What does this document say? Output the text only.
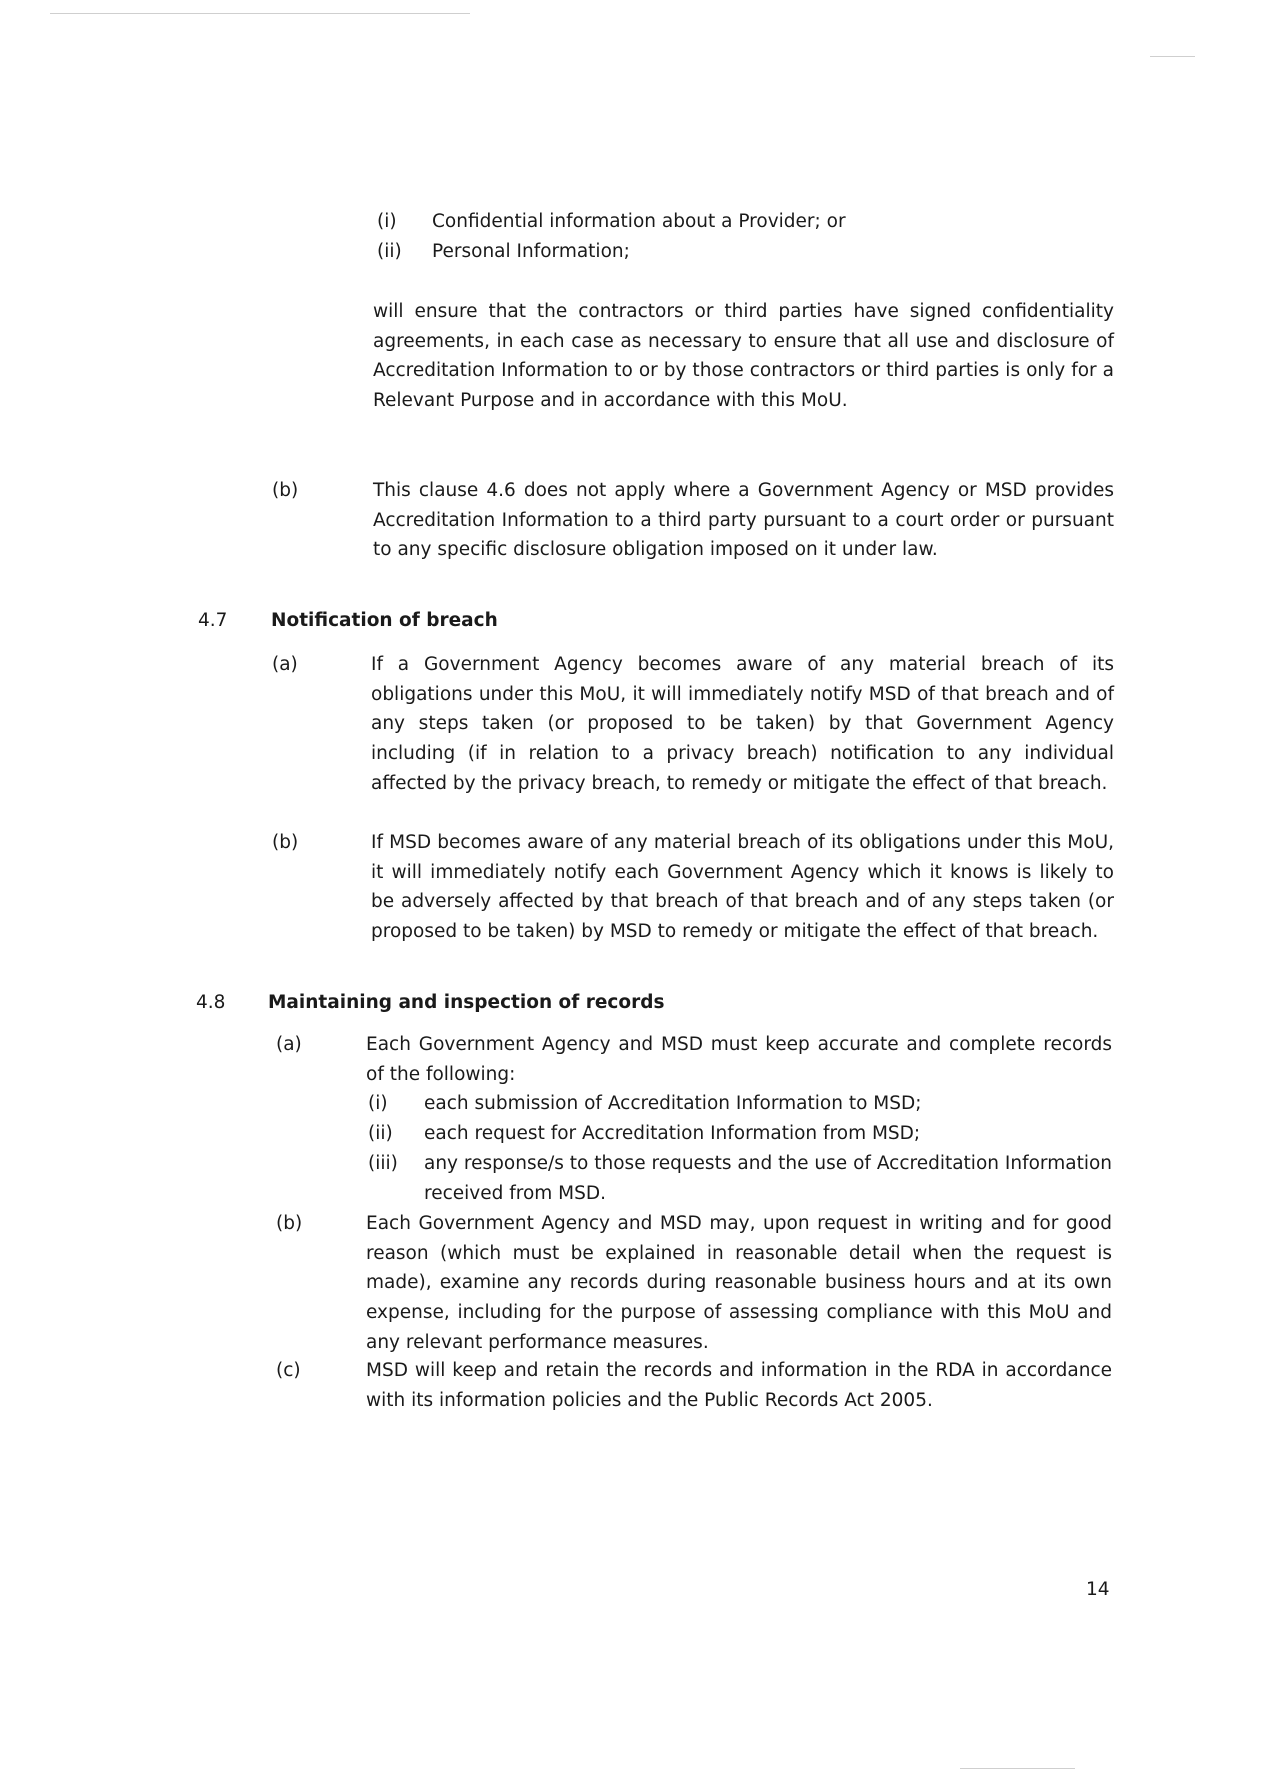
(i) Confidential information about a Provider; or
(ii) Personal Information;
will ensure that the contractors or third parties have signed confidentiality agreements, in each case as necessary to ensure that all use and disclosure of Accreditation Information to or by those contractors or third parties is only for a Relevant Purpose and in accordance with this MoU.
(b)	This clause 4.6 does not apply where a Government Agency or MSD provides Accreditation Information to a third party pursuant to a court order or pursuant to any specific disclosure obligation imposed on it under law.
4.7 Notification of breach
(a)	If a Government Agency becomes aware of any material breach of its obligations under this MoU, it will immediately notify MSD of that breach and of any steps taken (or proposed to be taken) by that Government Agency including (if in relation to a privacy breach) notification to any individual affected by the privacy breach, to remedy or mitigate the effect of that breach.
(b)	If MSD becomes aware of any material breach of its obligations under this MoU, it will immediately notify each Government Agency which it knows is likely to be adversely affected by that breach of that breach and of any steps taken (or proposed to be taken) by MSD to remedy or mitigate the effect of that breach.
4.8 Maintaining and inspection of records
(a)	Each Government Agency and MSD must keep accurate and complete records of the following:
(i) each submission of Accreditation Information to MSD;
(ii) each request for Accreditation Information from MSD;
(iii) any response/s to those requests and the use of Accreditation Information received from MSD.
(b)	Each Government Agency and MSD may, upon request in writing and for good reason (which must be explained in reasonable detail when the request is made), examine any records during reasonable business hours and at its own expense, including for the purpose of assessing compliance with this MoU and any relevant performance measures.
(c)	MSD will keep and retain the records and information in the RDA in accordance with its information policies and the Public Records Act 2005.
14
